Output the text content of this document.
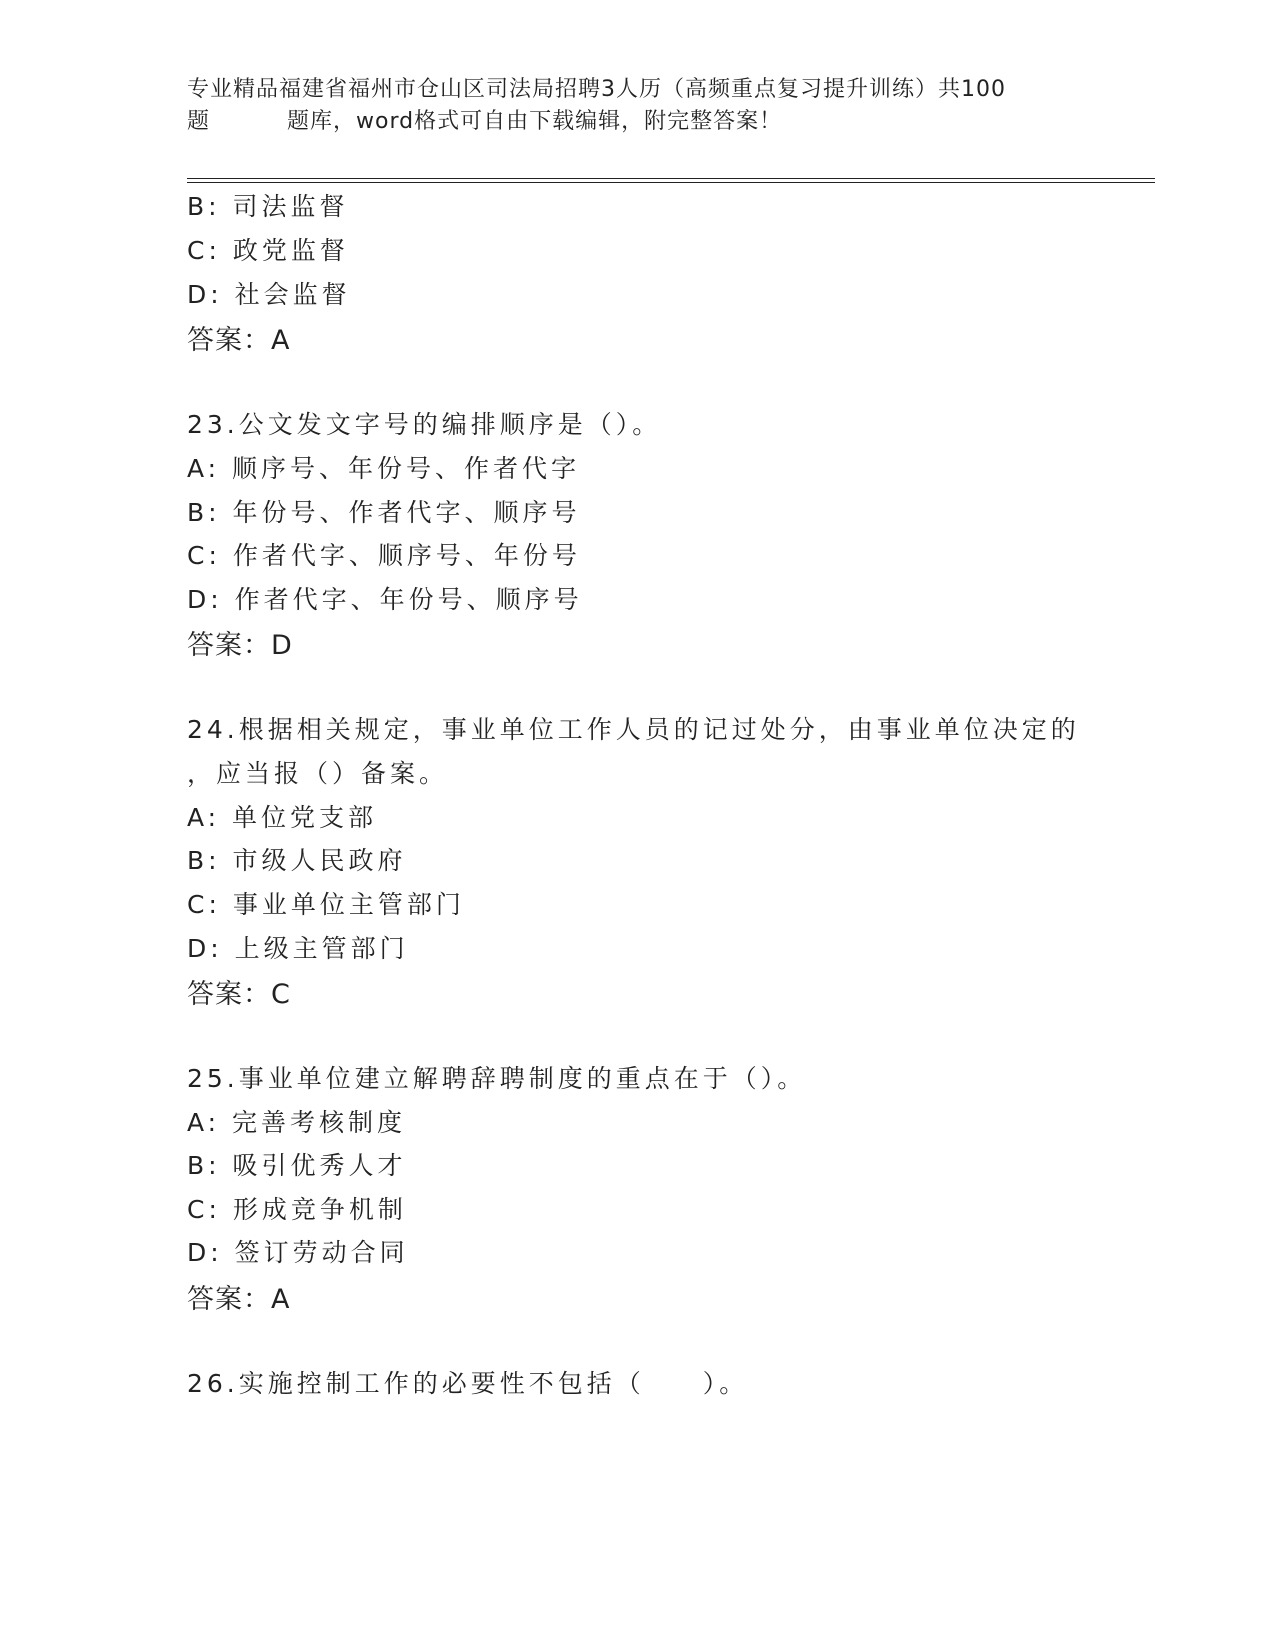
专业精品福建省福州市仓山区司法局招聘3人历（高频重点复习提升训练）共100
题	题库，word格式可自由下载编辑，附完整答案！
B: 司法监督
C: 政党监督
D: 社会监督
答案：A
23.公文发文字号的编排顺序是（）。
A: 顺序号、年份号、作者代字
B: 年份号、作者代字、顺序号
C: 作者代字、顺序号、年份号
D: 作者代字、年份号、顺序号
答案：D
24.根据相关规定，事业单位工作人员的记过处分，由事业单位决定的
，应当报（）备案。
A: 单位党支部
B: 市级人民政府
C: 事业单位主管部门
D: 上级主管部门
答案：C
25.事业单位建立解聘辞聘制度的重点在于（）。
A: 完善考核制度
B: 吸引优秀人才
C: 形成竞争机制
D: 签订劳动合同
答案：A
26.实施控制工作的必要性不包括（　　）。
